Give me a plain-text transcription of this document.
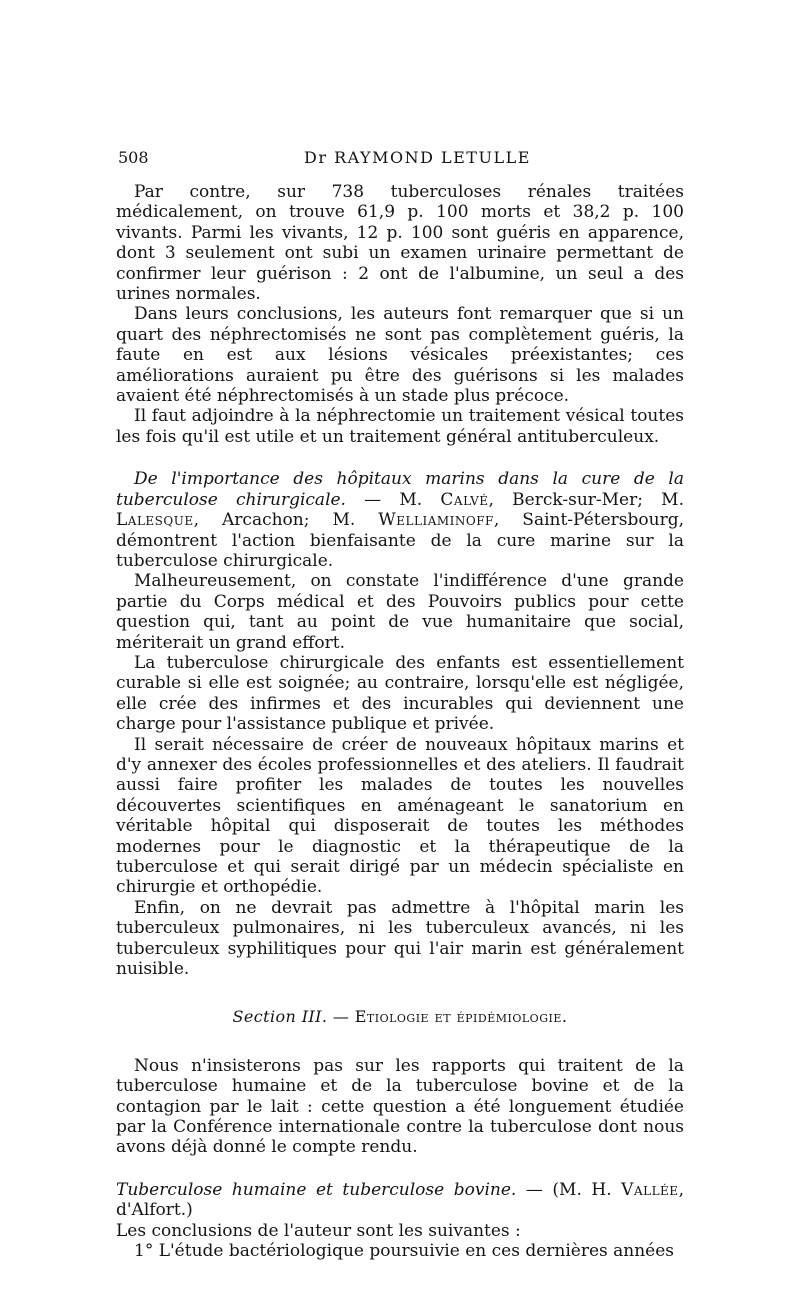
508	Dr RAYMOND LETULLE

Par contre, sur 738 tuberculoses rénales traitées médicalement, on trouve 61,9 p. 100 morts et 38,2 p. 100 vivants. Parmi les vivants, 12 p. 100 sont guéris en apparence, dont 3 seulement ont subi un examen urinaire permettant de confirmer leur guérison : 2 ont de l'albumine, un seul a des urines normales.

Dans leurs conclusions, les auteurs font remarquer que si un quart des néphrectomisés ne sont pas complètement guéris, la faute en est aux lésions vésicales préexistantes; ces améliorations auraient pu être des guérisons si les malades avaient été néphrectomisés à un stade plus précoce.

Il faut adjoindre à la néphrectomie un traitement vésical toutes les fois qu'il est utile et un traitement général antituberculeux.

De l'importance des hôpitaux marins dans la cure de la tuberculose chirurgicale. — M. Calvé, Berck-sur-Mer; M. Lalesque, Arcachon; M. Welliaminoff, Saint-Pétersbourg, démontrent l'action bienfaisante de la cure marine sur la tuberculose chirurgicale.

Malheureusement, on constate l'indifférence d'une grande partie du Corps médical et des Pouvoirs publics pour cette question qui, tant au point de vue humanitaire que social, mériterait un grand effort.

La tuberculose chirurgicale des enfants est essentiellement curable si elle est soignée; au contraire, lorsqu'elle est négligée, elle crée des infirmes et des incurables qui deviennent une charge pour l'assistance publique et privée.

Il serait nécessaire de créer de nouveaux hôpitaux marins et d'y annexer des écoles professionnelles et des ateliers. Il faudrait aussi faire profiter les malades de toutes les nouvelles découvertes scientifiques en aménageant le sanatorium en véritable hôpital qui disposerait de toutes les méthodes modernes pour le diagnostic et la thérapeutique de la tuberculose et qui serait dirigé par un médecin spécialiste en chirurgie et orthopédie.

Enfin, on ne devrait pas admettre à l'hôpital marin les tuberculeux pulmonaires, ni les tuberculeux avancés, ni les tuberculeux syphilitiques pour qui l'air marin est généralement nuisible.

Section III. — Etiologie et épidémiologie.

Nous n'insisterons pas sur les rapports qui traitent de la tuberculose humaine et de la tuberculose bovine et de la contagion par le lait : cette question a été longuement étudiée par la Conférence internationale contre la tuberculose dont nous avons déjà donné le compte rendu.

Tuberculose humaine et tuberculose bovine. — (M. H. Vallée, d'Alfort.)

Les conclusions de l'auteur sont les suivantes :

1° L'étude bactériologique poursuivie en ces dernières années
